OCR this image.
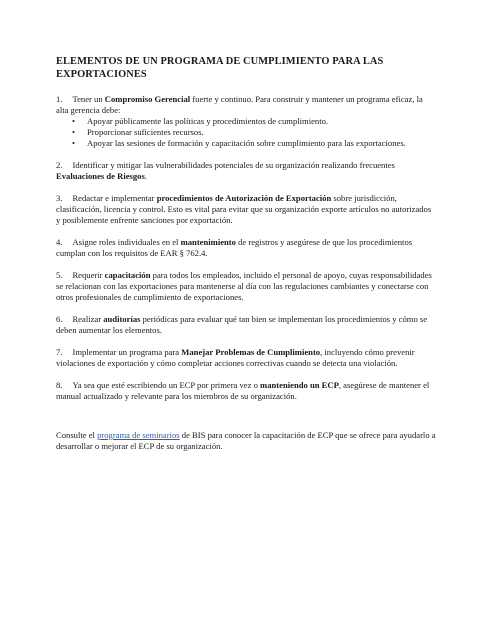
ELEMENTOS DE UN PROGRAMA DE CUMPLIMIENTO PARA LAS EXPORTACIONES
1. Tener un Compromiso Gerencial fuerte y continuo. Para construir y mantener un programa eficaz, la alta gerencia debe:
• Apoyar públicamente las políticas y procedimientos de cumplimiento.
• Proporcionar suficientes recursos.
• Apoyar las sesiones de formación y capacitación sobre cumplimiento para las exportaciones.
2. Identificar y mitigar las vulnerabilidades potenciales de su organización realizando frecuentes Evaluaciones de Riesgos.
3. Redactar e implementar procedimientos de Autorización de Exportación sobre jurisdicción, clasificación, licencia y control. Esto es vital para evitar que su organización exporte artículos no autorizados y posiblemente enfrente sanciones por exportación.
4. Asigne roles individuales en el mantenimiento de registros y asegúrese de que los procedimientos cumplan con los requisitos de EAR § 762.4.
5. Requerir capacitación para todos los empleados, incluido el personal de apoyo, cuyas responsabilidades se relacionan con las exportaciones para mantenerse al día con las regulaciones cambiantes y conectarse con otros profesionales de cumplimiento de exportaciones.
6. Realizar auditorías periódicas para evaluar qué tan bien se implementan los procedimientos y cómo se deben aumentar los elementos.
7. Implementar un programa para Manejar Problemas de Cumplimiento, incluyendo cómo prevenir violaciones de exportación y cómo completar acciones correctivas cuando se detecta una violación.
8. Ya sea que esté escribiendo un ECP por primera vez o manteniendo un ECP, asegúrese de mantener el manual actualizado y relevante para los miembros de su organización.
Consulte el programa de seminarios de BIS para conocer la capacitación de ECP que se ofrece para ayudarlo a desarrollar o mejorar el ECP de su organización.
